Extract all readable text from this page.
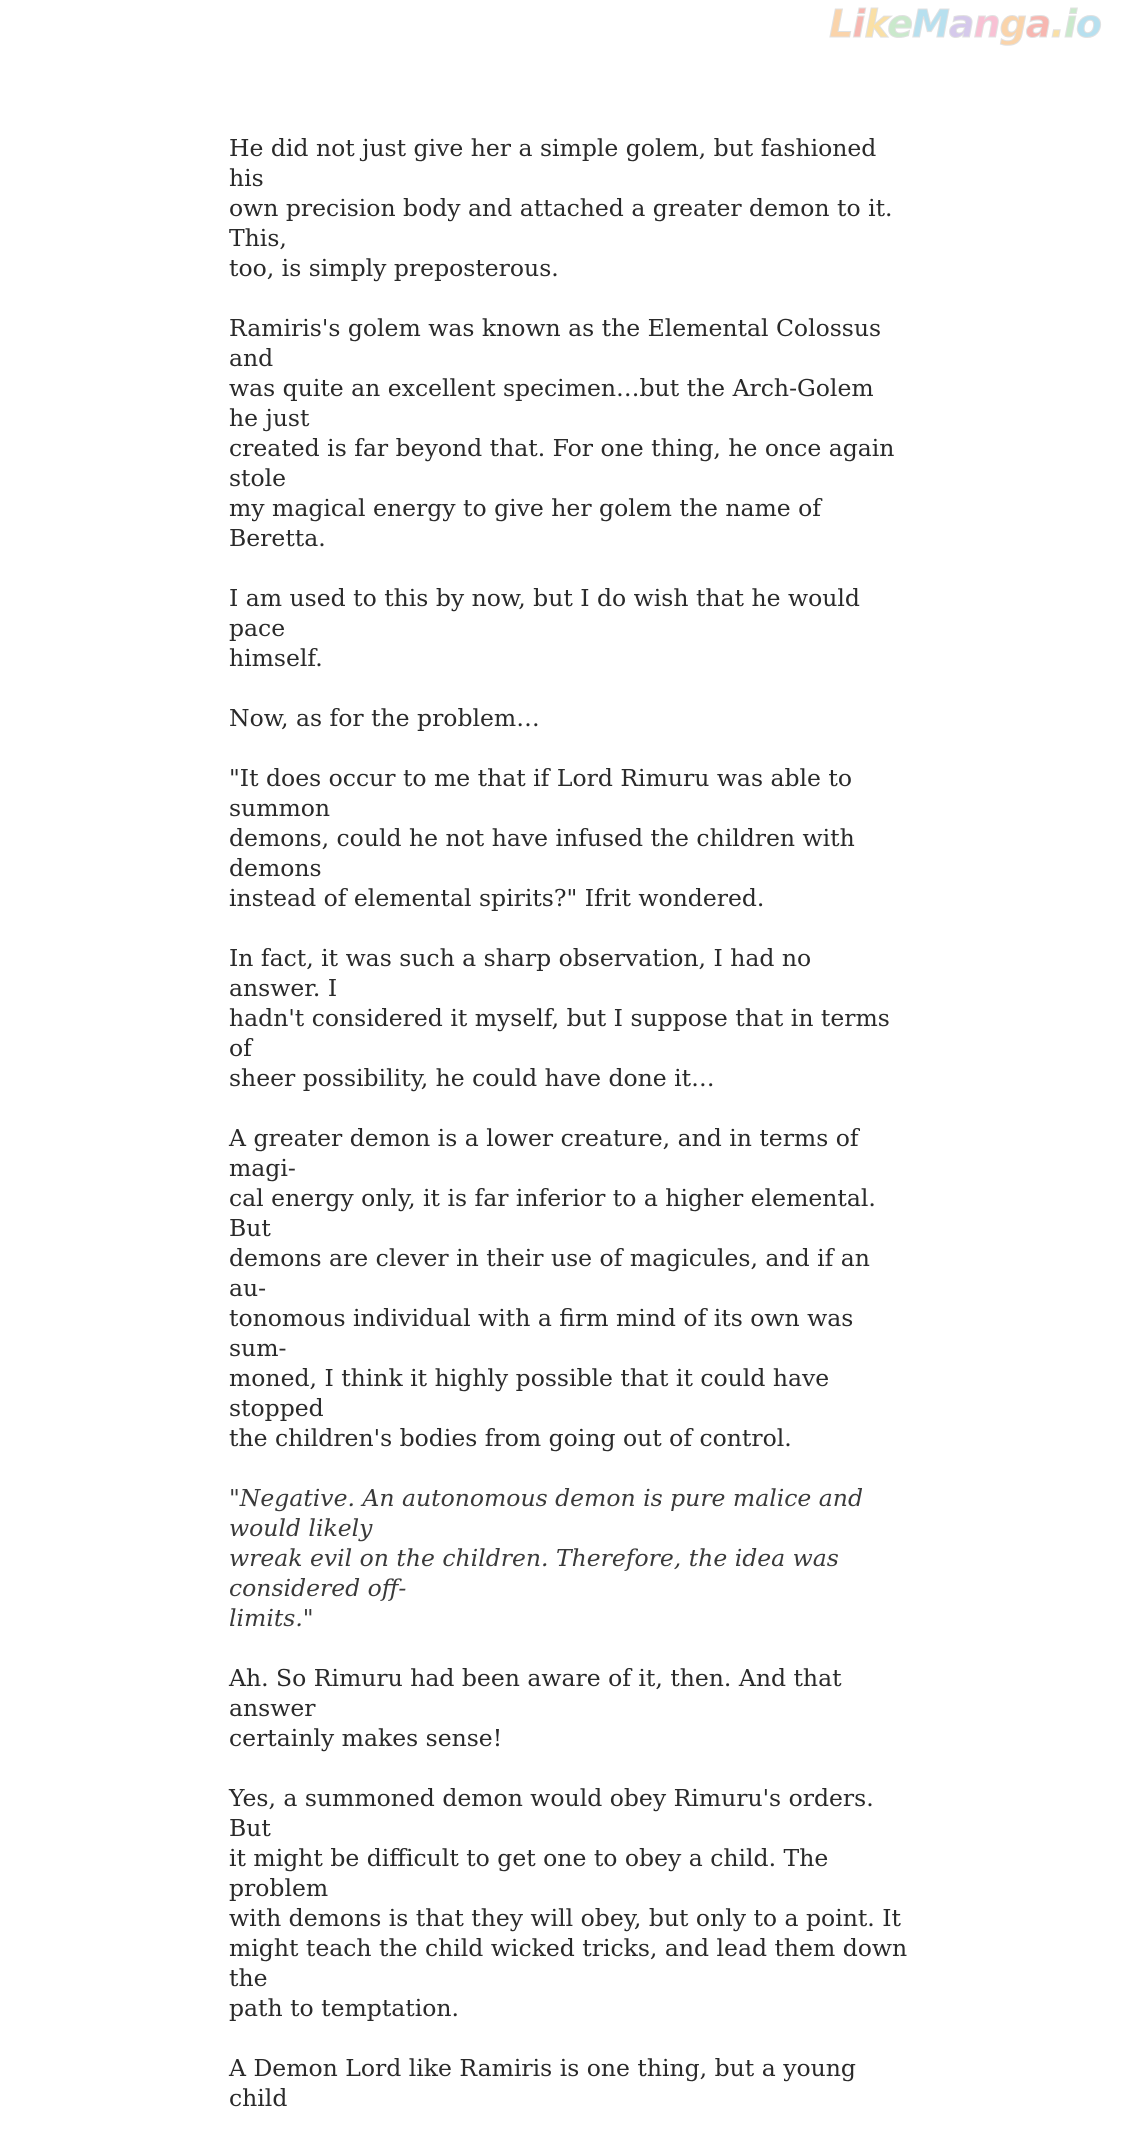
LikeManga.io

He did not just give her a simple golem, but fashioned his
own precision body and attached a greater demon to it. This,
too, is simply preposterous.

Ramiris's golem was known as the Elemental Colossus and
was quite an excellent specimen…but the Arch-Golem he just
created is far beyond that. For one thing, he once again stole
my magical energy to give her golem the name of Beretta.

I am used to this by now, but I do wish that he would pace
himself.

Now, as for the problem…

"It does occur to me that if Lord Rimuru was able to summon
demons, could he not have infused the children with demons
instead of elemental spirits?" Ifrit wondered.

In fact, it was such a sharp observation, I had no answer. I
hadn't considered it myself, but I suppose that in terms of
sheer possibility, he could have done it…

A greater demon is a lower creature, and in terms of magi-
cal energy only, it is far inferior to a higher elemental. But
demons are clever in their use of magicules, and if an au-
tonomous individual with a firm mind of its own was sum-
moned, I think it highly possible that it could have stopped
the children's bodies from going out of control.

"Negative. An autonomous demon is pure malice and would likely
wreak evil on the children. Therefore, the idea was considered off-
limits."

Ah. So Rimuru had been aware of it, then. And that answer
certainly makes sense!

Yes, a summoned demon would obey Rimuru's orders. But
it might be difficult to get one to obey a child. The problem
with demons is that they will obey, but only to a point. It
might teach the child wicked tricks, and lead them down the
path to temptation.

A Demon Lord like Ramiris is one thing, but a young child
